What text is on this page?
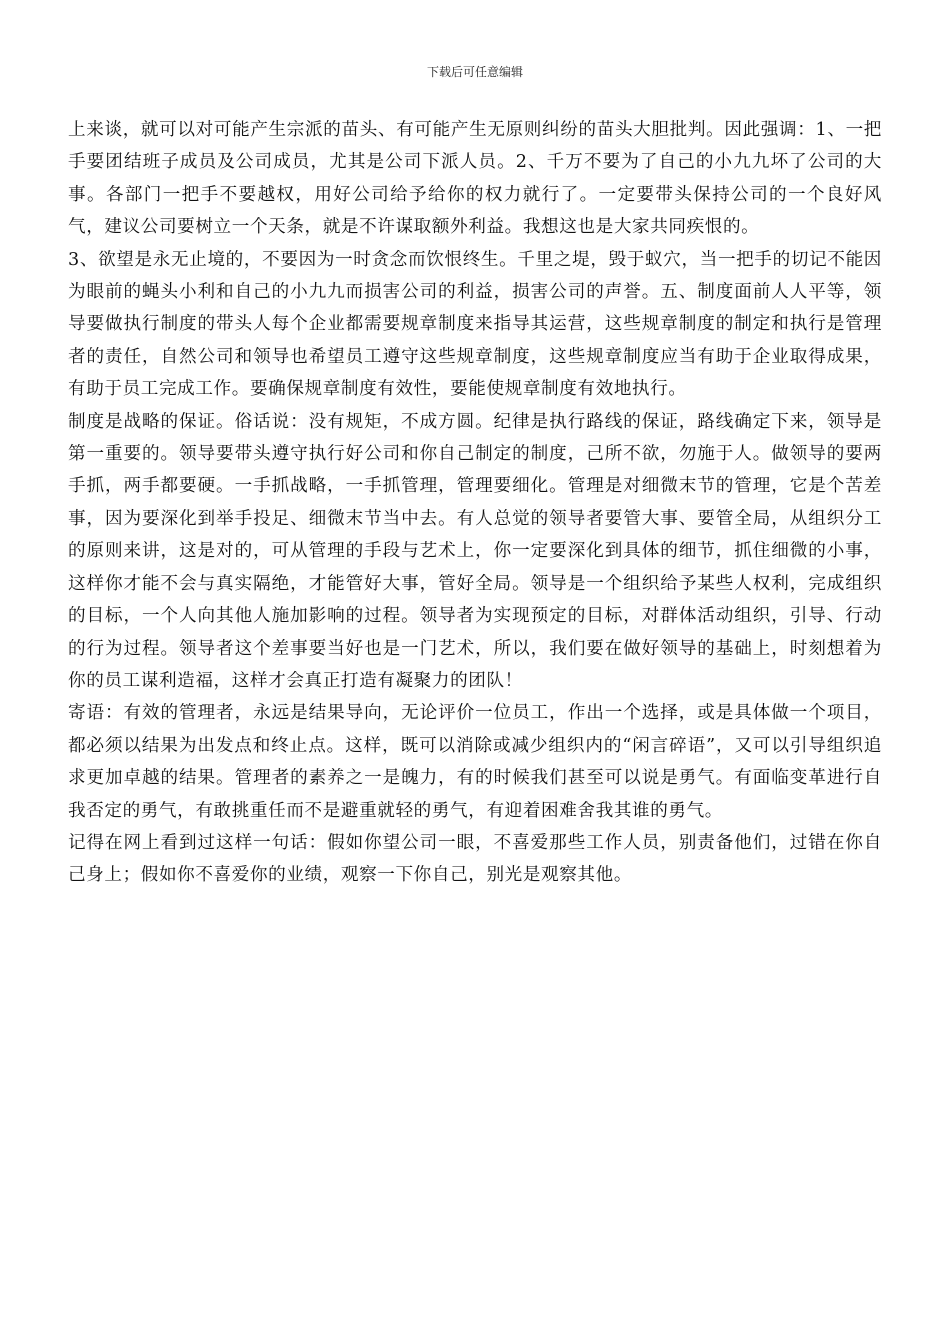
下载后可任意编辑

上来谈，就可以对可能产生宗派的苗头、有可能产生无原则纠纷的苗头大胆批判。因此强调：1、一把手要团结班子成员及公司成员，尤其是公司下派人员。2、千万不要为了自己的小九九坏了公司的大事。各部门一把手不要越权，用好公司给予给你的权力就行了。一定要带头保持公司的一个良好风气，建议公司要树立一个天条，就是不许谋取额外利益。我想这也是大家共同疾恨的。

3、欲望是永无止境的，不要因为一时贪念而饮恨终生。千里之堤，毁于蚁穴，当一把手的切记不能因为眼前的蝇头小利和自己的小九九而损害公司的利益，损害公司的声誉。五、制度面前人人平等，领导要做执行制度的带头人每个企业都需要规章制度来指导其运营，这些规章制度的制定和执行是管理者的责任，自然公司和领导也希望员工遵守这些规章制度，这些规章制度应当有助于企业取得成果，有助于员工完成工作。要确保规章制度有效性，要能使规章制度有效地执行。

制度是战略的保证。俗话说：没有规矩，不成方圆。纪律是执行路线的保证，路线确定下来，领导是第一重要的。领导要带头遵守执行好公司和你自己制定的制度，己所不欲，勿施于人。做领导的要两手抓，两手都要硬。一手抓战略，一手抓管理，管理要细化。管理是对细微末节的管理，它是个苦差事，因为要深化到举手投足、细微末节当中去。有人总觉的领导者要管大事、要管全局，从组织分工的原则来讲，这是对的，可从管理的手段与艺术上，你一定要深化到具体的细节，抓住细微的小事，这样你才能不会与真实隔绝，才能管好大事，管好全局。领导是一个组织给予某些人权利，完成组织的目标，一个人向其他人施加影响的过程。领导者为实现预定的目标，对群体活动组织，引导、行动的行为过程。领导者这个差事要当好也是一门艺术，所以，我们要在做好领导的基础上，时刻想着为你的员工谋利造福，这样才会真正打造有凝聚力的团队！

寄语：有效的管理者，永远是结果导向，无论评价一位员工，作出一个选择，或是具体做一个项目，都必须以结果为出发点和终止点。这样，既可以消除或减少组织内的“闲言碎语”，又可以引导组织追求更加卓越的结果。管理者的素养之一是魄力，有的时候我们甚至可以说是勇气。有面临变革进行自我否定的勇气，有敢挑重任而不是避重就轻的勇气，有迎着困难舍我其谁的勇气。

记得在网上看到过这样一句话：假如你望公司一眼，不喜爱那些工作人员，别责备他们，过错在你自己身上；假如你不喜爱你的业绩，观察一下你自己，别光是观察其他。
